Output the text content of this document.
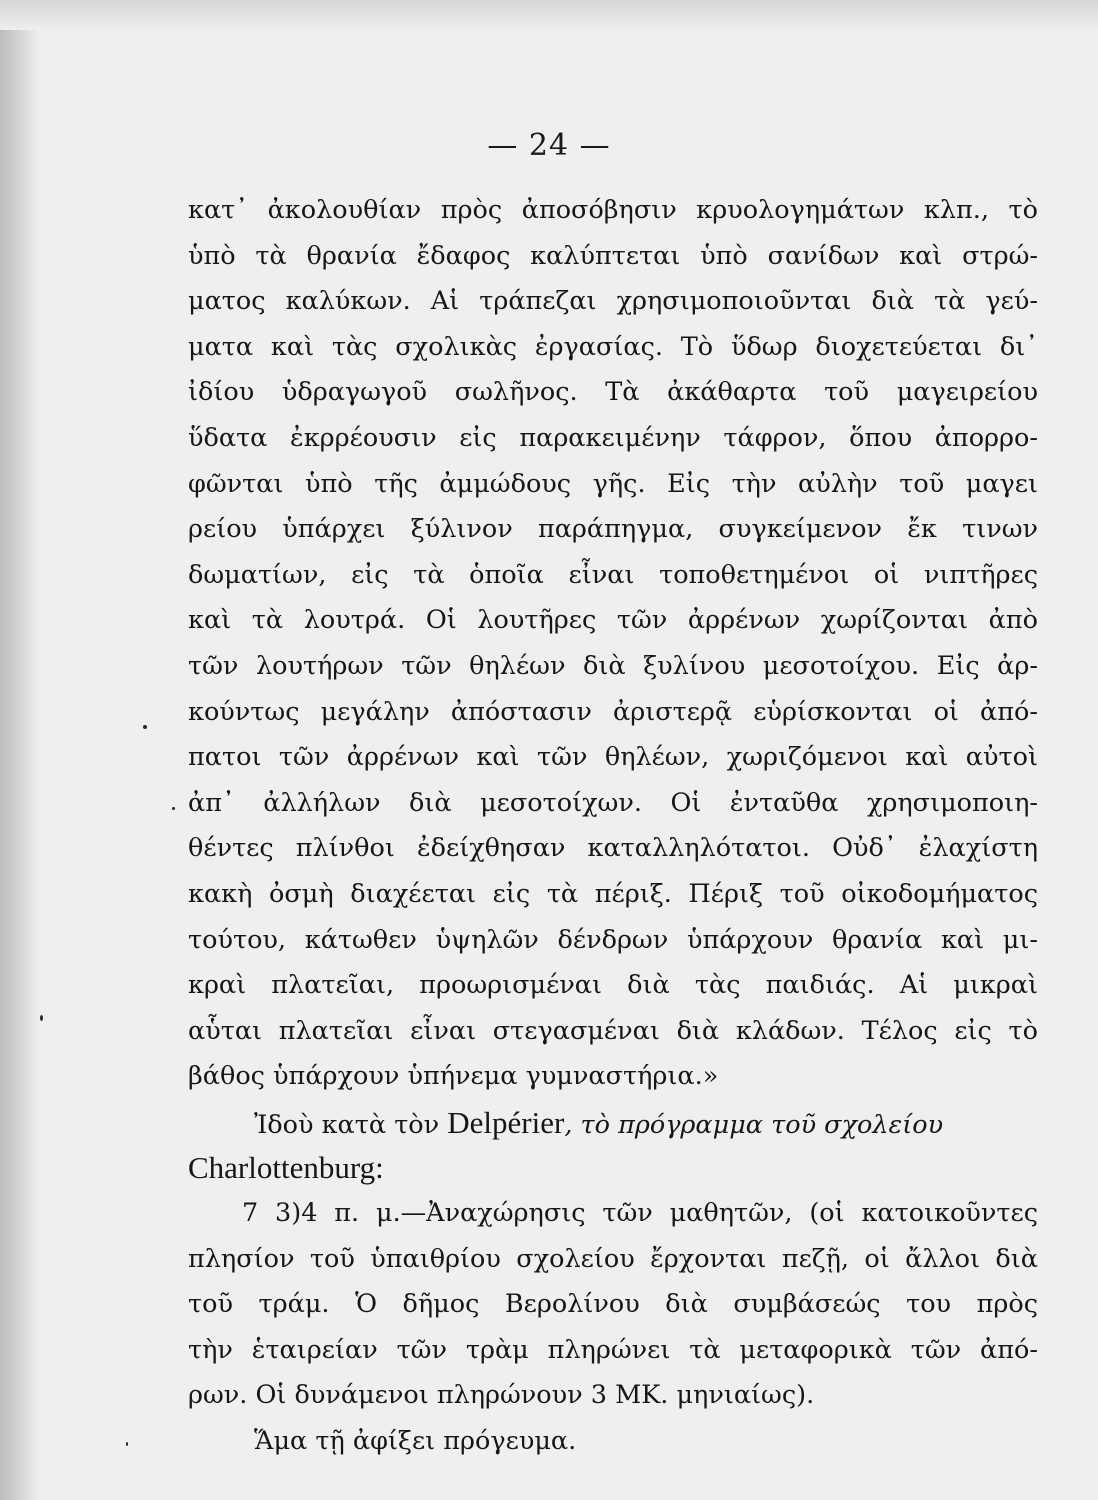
— 24 —
κατ᾽ ἀκολουθίαν πρὸς ἀποσόβησιν κρυολογημάτων κλπ., τὸ
ὑπὸ τὰ θρανία ἔδαφος καλύπτεται ὑπὸ σανίδων καὶ στρώ-
ματος καλύκων. Αἱ τράπεζαι χρησιμοποιοῦνται διὰ τὰ γεύ-
ματα καὶ τὰς σχολικὰς ἐργασίας. Τὸ ὕδωρ διοχετεύεται δι᾽
ἰδίου ὑδραγωγοῦ σωλῆνος. Τὰ ἀκάθαρτα τοῦ μαγειρείου
ὕδατα ἐκρρέουσιν εἰς παρακειμένην τάφρον, ὅπου ἀπορρο-
φῶνται ὑπὸ τῆς ἀμμώδους γῆς. Εἰς τὴν αὐλὴν τοῦ μαγει
ρείου ὑπάρχει ξύλινον παράπηγμα, συγκείμενον ἔκ τινων
δωματίων, εἰς τὰ ὁποῖα εἶναι τοποθετημένοι οἱ νιπτῆρες
καὶ τὰ λουτρά. Οἱ λουτῆρες τῶν ἀρρένων χωρίζονται ἀπὸ
τῶν λουτήρων τῶν θηλέων διὰ ξυλίνου μεσοτοίχου. Εἰς ἀρ-
κούντως μεγάλην ἀπόστασιν ἀριστερᾷ εὑρίσκονται οἱ ἀπό-
πατοι τῶν ἀρρένων καὶ τῶν θηλέων, χωριζόμενοι καὶ αὐτοὶ
ἀπ᾽ ἀλλήλων διὰ μεσοτοίχων. Οἱ ἐνταῦθα χρησιμοποιη-
θέντες πλίνθοι ἐδείχθησαν καταλληλότατοι. Οὐδ᾽ ἐλαχίστη
κακὴ ὀσμὴ διαχέεται εἰς τὰ πέριξ. Πέριξ τοῦ οἰκοδομήματος
τούτου, κάτωθεν ὑψηλῶν δένδρων ὑπάρχουν θρανία καὶ μι-
κραὶ πλατεῖαι, προωρισμέναι διὰ τὰς παιδιάς. Αἱ μικραὶ
αὗται πλατεῖαι εἶναι στεγασμέναι διὰ κλάδων. Τέλος εἰς τὸ
βάθος ὑπάρχουν ὑπήνεμα γυμναστήρια.»
Ἰδοὺ κατὰ τὸν Delpérier, τὸ πρόγραμμα τοῦ σχολείου
Charlottenburg:
7 3)4 π. μ.—Ἀναχώρησις τῶν μαθητῶν, (οἱ κατοικοῦντες
πλησίον τοῦ ὑπαιθρίου σχολείου ἔρχονται πεζῇ, οἱ ἄλλοι διὰ
τοῦ τράμ. Ὁ δῆμος Βερολίνου διὰ συμβάσεώς του πρὸς
τὴν ἑταιρείαν τῶν τρὰμ πληρώνει τὰ μεταφορικὰ τῶν ἀπό-
ρων. Οἱ δυνάμενοι πληρώνουν 3 ΜΚ. μηνιαίως).
Ἅμα τῇ ἀφίξει πρόγευμα.
